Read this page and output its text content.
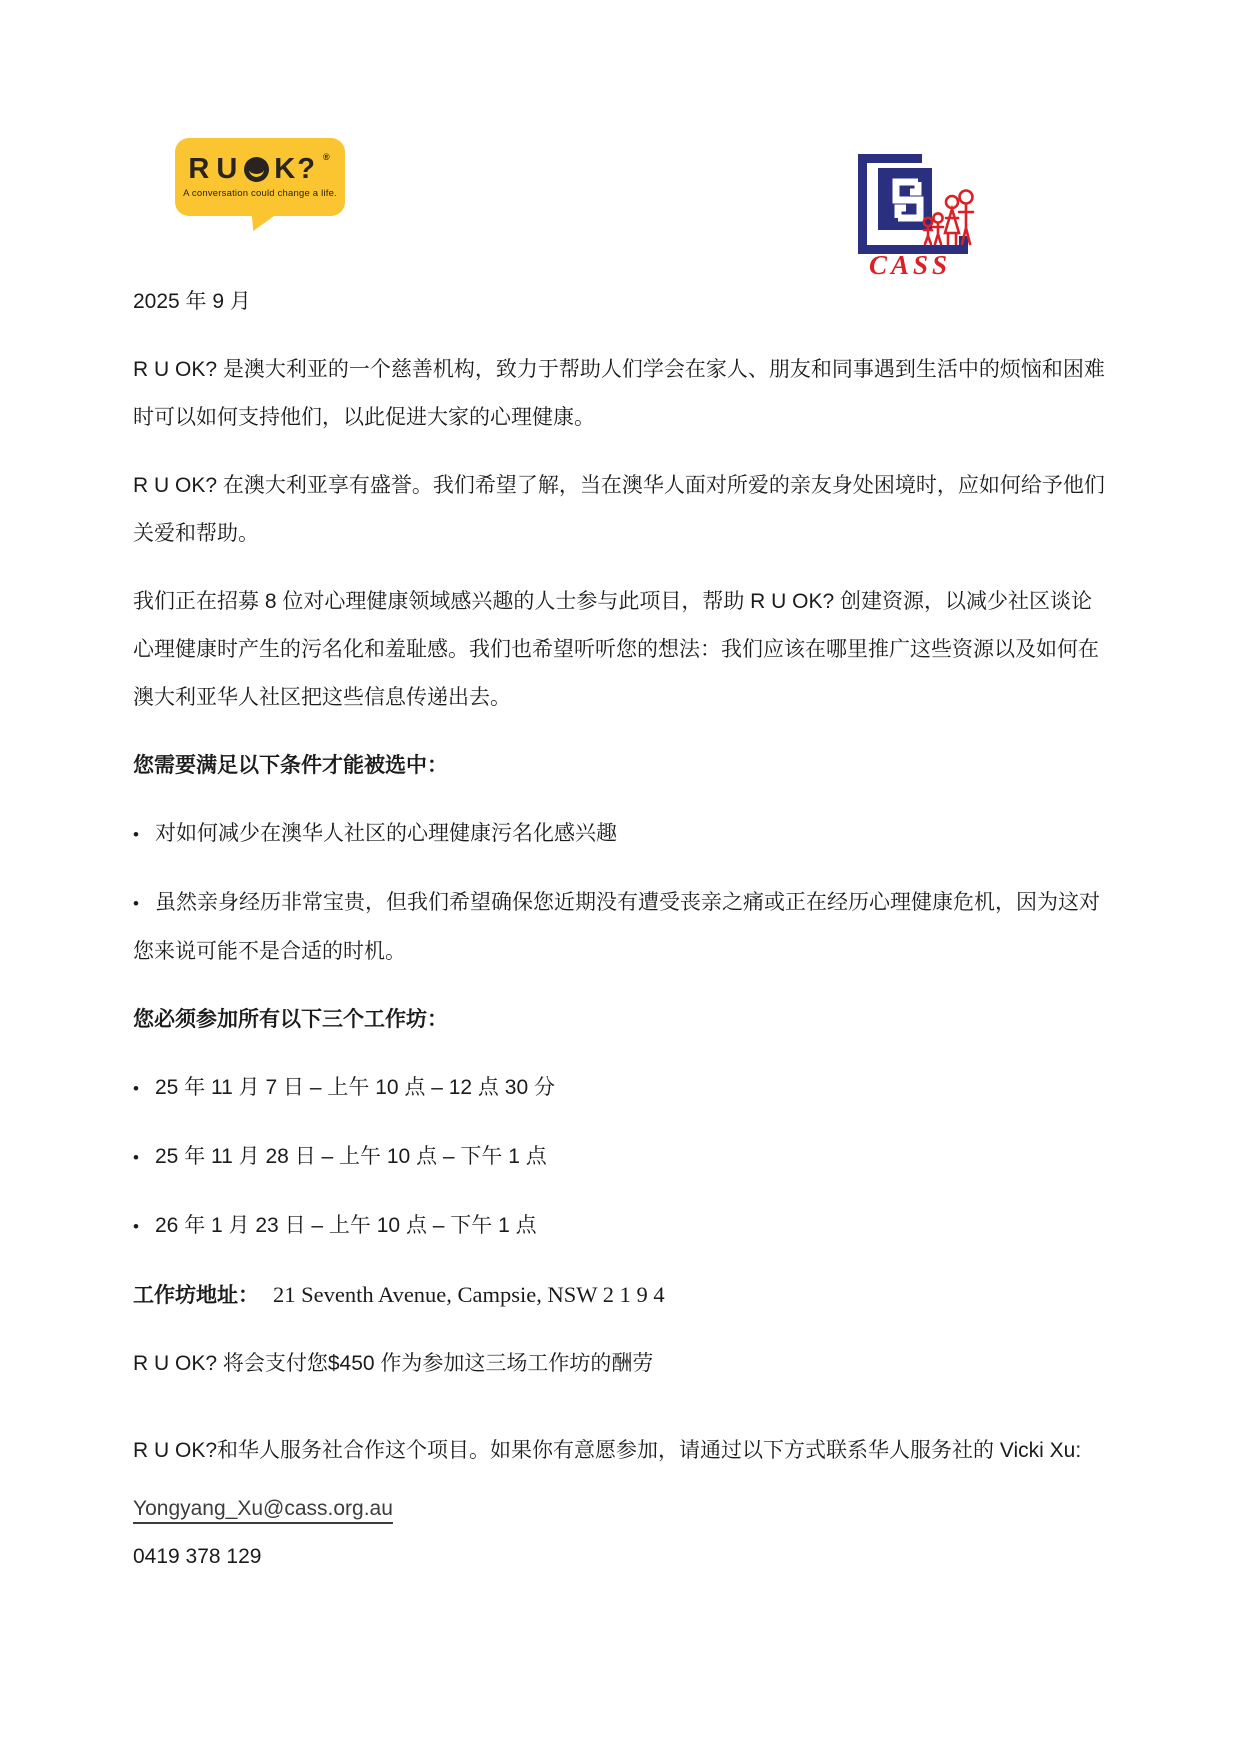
R U K? ®
A conversation could change a life.
CASS

2025 年 9 月

R U OK? 是澳大利亚的一个慈善机构，致力于帮助人们学会在家人、朋友和同事遇到生活中的烦恼和困难时可以如何支持他们，以此促进大家的心理健康。

R U OK? 在澳大利亚享有盛誉。我们希望了解，当在澳华人面对所爱的亲友身处困境时，应如何给予他们关爱和帮助。

我们正在招募 8 位对心理健康领域感兴趣的人士参与此项目，帮助 R U OK? 创建资源，以减少社区谈论心理健康时产生的污名化和羞耻感。我们也希望听听您的想法：我们应该在哪里推广这些资源以及如何在澳大利亚华人社区把这些信息传递出去。

您需要满足以下条件才能被选中：

• 对如何减少在澳华人社区的心理健康污名化感兴趣

• 虽然亲身经历非常宝贵，但我们希望确保您近期没有遭受丧亲之痛或正在经历心理健康危机，因为这对您来说可能不是合适的时机。

您必须参加所有以下三个工作坊：

• 25 年 11 月 7 日 – 上午 10 点 – 12 点 30 分

• 25 年 11 月 28 日 – 上午 10 点 – 下午 1 点

• 26 年 1 月 23 日 – 上午 10 点 – 下午 1 点

工作坊地址： 21 Seventh Avenue, Campsie, NSW 2 1 9 4

R U OK? 将会支付您$450 作为参加这三场工作坊的酬劳

R U OK?和华人服务社合作这个项目。如果你有意愿参加，请通过以下方式联系华人服务社的 Vicki Xu:

Yongyang_Xu@cass.org.au

0419 378 129
